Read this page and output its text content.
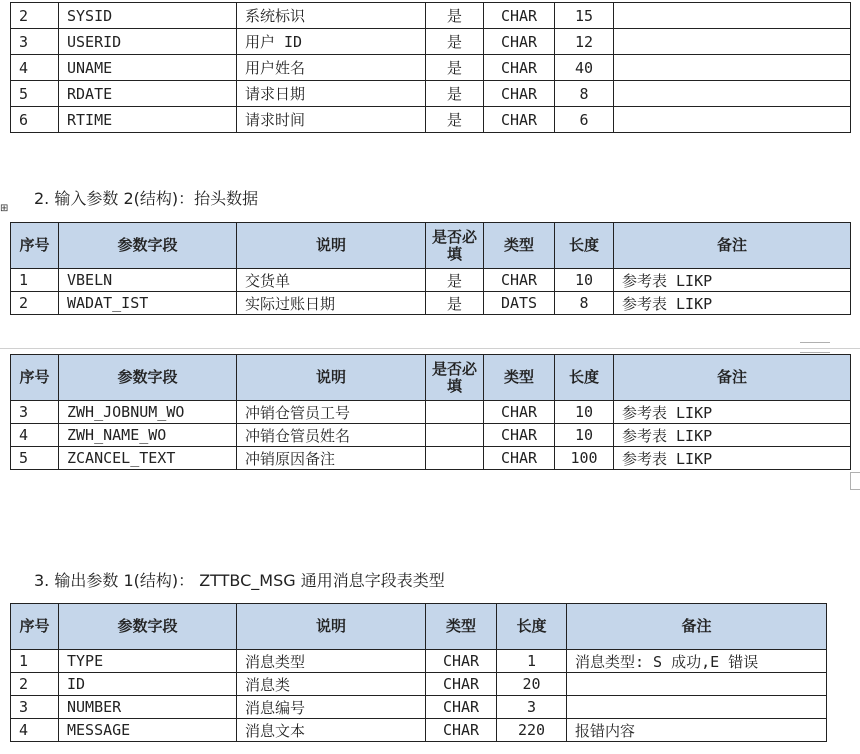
2	SYSID	系统标识	是	CHAR	15	
3	USERID	用户 ID	是	CHAR	12	
4	UNAME	用户姓名	是	CHAR	40	
5	RDATE	请求日期	是	CHAR	8	
6	RTIME	请求时间	是	CHAR	6	
2. 输入参数 2(结构)：抬头数据
⊞
序号	参数字段	说明	是否必填	类型	长度	备注
1	VBELN	交货单	是	CHAR	10	参考表 LIKP
2	WADAT_IST	实际过账日期	是	DATS	8	参考表 LIKP
序号	参数字段	说明	是否必填	类型	长度	备注
3	ZWH_JOBNUM_WO	冲销仓管员工号		CHAR	10	参考表 LIKP
4	ZWH_NAME_WO	冲销仓管员姓名		CHAR	10	参考表 LIKP
5	ZCANCEL_TEXT	冲销原因备注		CHAR	100	参考表 LIKP
3. 输出参数 1(结构)： ZTTBC_MSG 通用消息字段表类型
序号	参数字段	说明	类型	长度	备注
1	TYPE	消息类型	CHAR	1	消息类型: S 成功,E 错误
2	ID	消息类	CHAR	20	
3	NUMBER	消息编号	CHAR	3	
4	MESSAGE	消息文本	CHAR	220	报错内容
